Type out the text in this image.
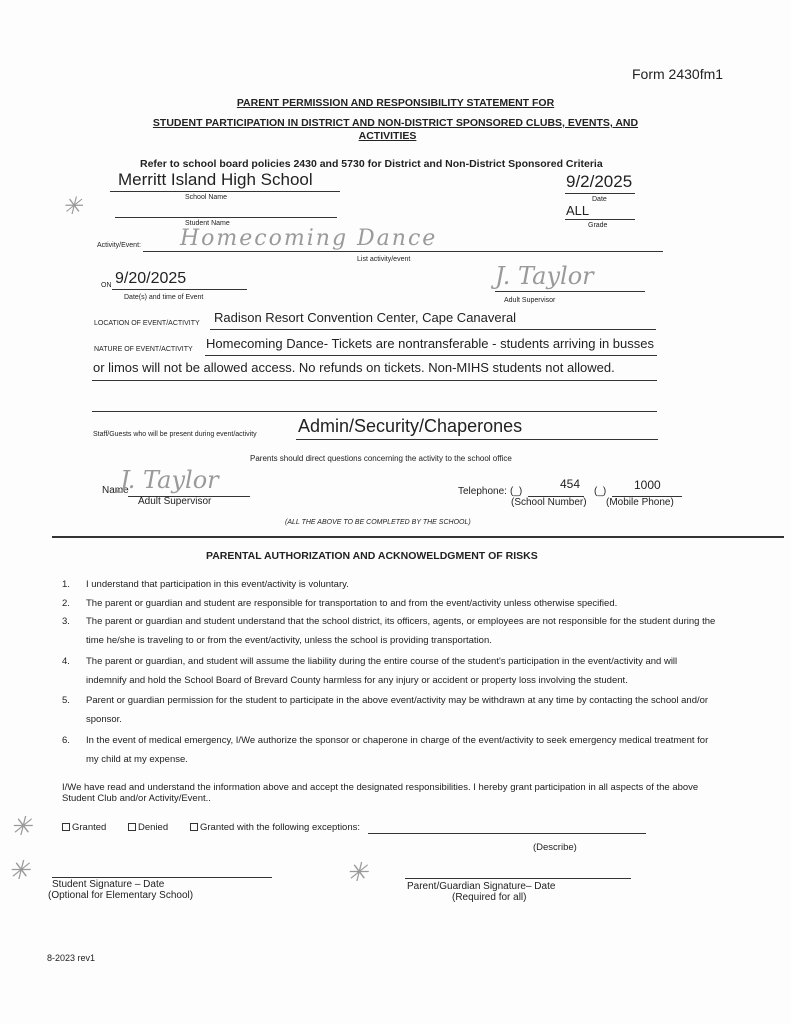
Form 2430fm1
PARENT PERMISSION AND RESPONSIBILITY STATEMENT FOR
STUDENT PARTICIPATION IN DISTRICT AND NON-DISTRICT SPONSORED CLUBS, EVENTS, AND
ACTIVITIES
Refer to school board policies 2430 and 5730 for District and Non-District Sponsored Criteria
Merritt Island High School
School Name
9/2/2025
Date
✳
Student Name
ALL
Grade
Activity/Event: Homecoming Dance
List activity/event
ON 9/20/2025
Date(s) and time of Event
J. Taylor
Adult Supervisor
LOCATION OF EVENT/ACTIVITY Radison Resort Convention Center, Cape Canaveral
NATURE OF EVENT/ACTIVITY Homecoming Dance- Tickets are nontransferable - students arriving in busses
or limos will not be allowed access. No refunds on tickets. Non-MIHS students not allowed.
Staff/Guests who will be present during event/activity Admin/Security/Chaperones
Parents should direct questions concerning the activity to the school office
Name
J. Taylor
Adult Supervisor
Telephone: (_)
454
(School Number)
(_) 1000
(Mobile Phone)
(ALL THE ABOVE TO BE COMPLETED BY THE SCHOOL)
PARENTAL AUTHORIZATION AND ACKNOWELDGMENT OF RISKS
1. I understand that participation in this event/activity is voluntary.
2. The parent or guardian and student are responsible for transportation to and from the event/activity unless otherwise specified.
3. The parent or guardian and student understand that the school district, its officers, agents, or employees are not responsible for the student during the time he/she is traveling to or from the event/activity, unless the school is providing transportation.
4. The parent or guardian, and student will assume the liability during the entire course of the student's participation in the event/activity and will indemnify and hold the School Board of Brevard County harmless for any injury or accident or property loss involving the student.
5. Parent or guardian permission for the student to participate in the above event/activity may be withdrawn at any time by contacting the school and/or sponsor.
6. In the event of medical emergency, I/We authorize the sponsor or chaperone in charge of the event/activity to seek emergency medical treatment for my child at my expense.
I/We have read and understand the information above and accept the designated responsibilities. I hereby grant participation in all aspects of the above Student Club and/or Activity/Event..
✳	Granted	Denied	Granted with the following exceptions:
(Describe)
✳ Student Signature – Date
(Optional for Elementary School)
✳	Parent/Guardian Signature– Date
(Required for all)
8-2023 rev1
